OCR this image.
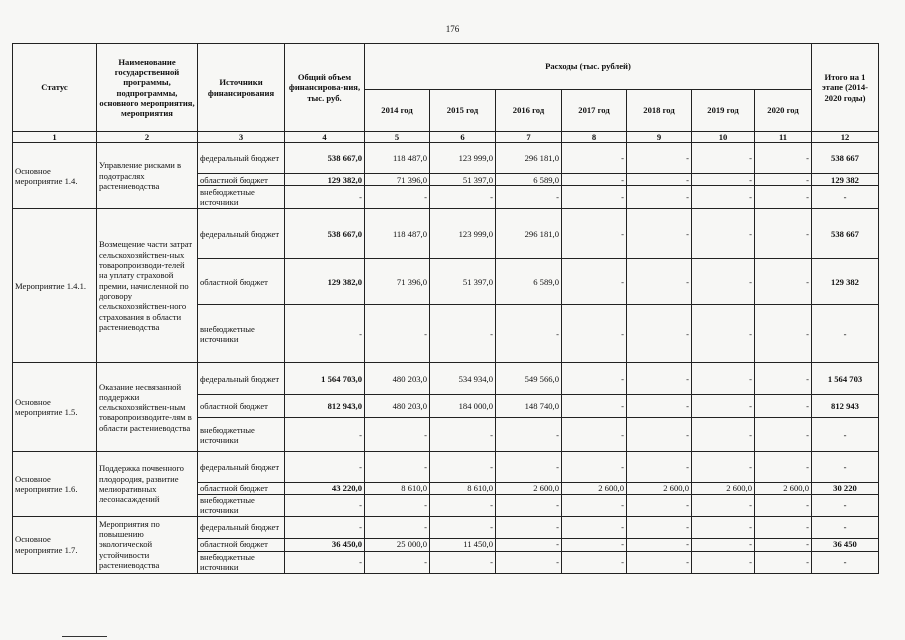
176
Статус	Наименование государственной программы, подпрограммы, основного мероприятия, мероприятия	Источники финансирования	Общий объем финансирова-ния, тыс. руб.	Расходы (тыс. рублей)							Итого на 1 этапе (2014-2020 годы)
				2014 год	2015 год	2016 год	2017 год	2018 год	2019 год	2020 год	
1	2	3	4	5	6	7	8	9	10	11	12
Основное мероприятие 1.4.	Управление рисками в подотраслях растениеводства	федеральный бюджет	538 667,0	118 487,0	123 999,0	296 181,0	-	-	-	-	538 667
		областной бюджет	129 382,0	71 396,0	51 397,0	6 589,0	-	-	-	-	129 382
		внебюджетные источники	-	-	-	-	-	-	-	-	-
Мероприятие 1.4.1.	Возмещение части затрат сельскохозяйствен-ных товаропроизводи-телей на уплату страховой премии, начисленной по договору сельскохозяйствен-ного страхования в области растениеводства	федеральный бюджет	538 667,0	118 487,0	123 999,0	296 181,0	-	-	-	-	538 667
		областной бюджет	129 382,0	71 396,0	51 397,0	6 589,0	-	-	-	-	129 382
		внебюджетные источники	-	-	-	-	-	-	-	-	-
Основное мероприятие 1.5.	Оказание несвязанной поддержки сельскохозяйствен-ным товаропроизводите-лям в области растениеводства	федеральный бюджет	1 564 703,0	480 203,0	534 934,0	549 566,0	-	-	-	-	1 564 703
		областной бюджет	812 943,0	480 203,0	184 000,0	148 740,0	-	-	-	-	812 943
		внебюджетные источники	-	-	-	-	-	-	-	-	-
Основное мероприятие 1.6.	Поддержка почвенного плодородия, развитие мелиоративных лесонасаждений	федеральный бюджет	-	-	-	-	-	-	-	-	-
		областной бюджет	43 220,0	8 610,0	8 610,0	2 600,0	2 600,0	2 600,0	2 600,0	2 600,0	30 220
		внебюджетные источники	-	-	-	-	-	-	-	-	-
Основное мероприятие 1.7.	Мероприятия по повышению экологической устойчивости растениеводства	федеральный бюджет	-	-	-	-	-	-	-	-	-
		областной бюджет	36 450,0	25 000,0	11 450,0	-	-	-	-	-	36 450
		внебюджетные источники	-	-	-	-	-	-	-	-	-
